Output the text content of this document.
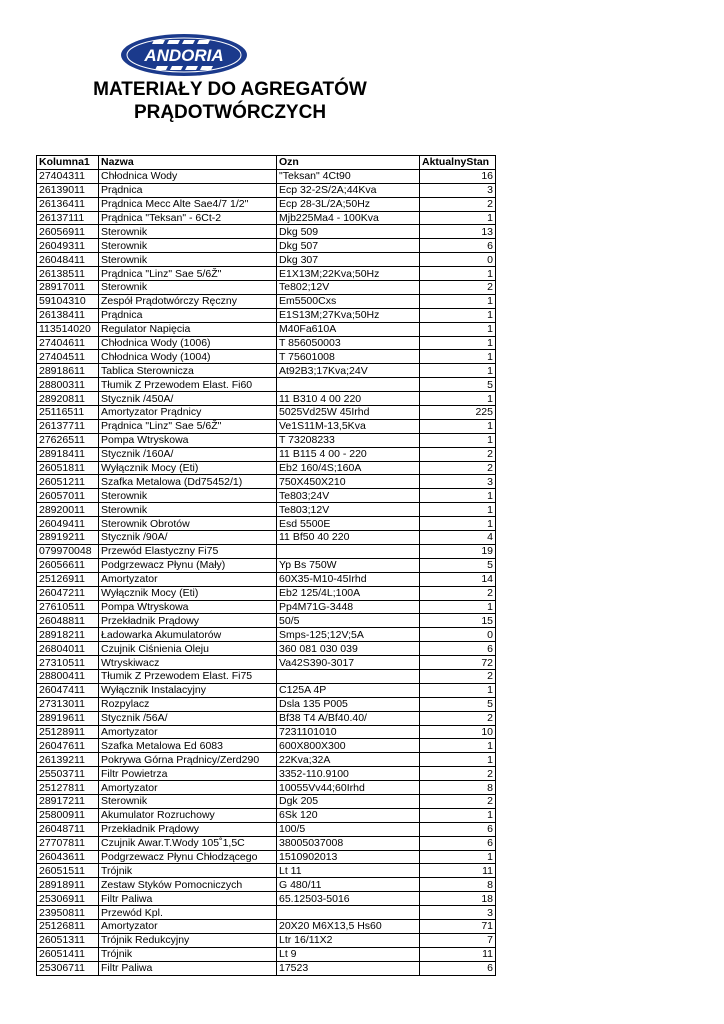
ANDORIA
MATERIAŁY DO AGREGATÓW
PRĄDOTWÓRCZYCH
Kolumna1	Nazwa	Ozn	AktualnyStan
27404311	Chłodnica Wody	"Teksan" 4Ct90	16
26139011	Prądnica	Ecp 32-2S/2A;44Kva	3
26136411	Prądnica Mecc Alte Sae4/7 1/2"	Ecp 28-3L/2A;50Hz	2
26137111	Prądnica "Teksan" - 6Ct-2	Mjb225Ma4 - 100Kva	1
26056911	Sterownik	Dkg 509	13
26049311	Sterownik	Dkg 507	6
26048411	Sterownik	Dkg 307	0
26138511	Prądnica "Linz" Sae 5/6Ž"	E1X13M;22Kva;50Hz	1
28917011	Sterownik	Te802;12V	2
59104310	Zespół Prądotwórczy Ręczny	Em5500Cxs	1
26138411	Prądnica	E1S13M;27Kva;50Hz	1
113514020	Regulator Napięcia	M40Fa610A	1
27404611	Chłodnica Wody (1006)	T 856050003	1
27404511	Chłodnica Wody (1004)	T 75601008	1
28918611	Tablica Sterownicza	At92B3;17Kva;24V	1
28800311	Tłumik Z Przewodem Elast. Fi60		5
28920811	Stycznik /450A/	11 B310 4 00 220	1
25116511	Amortyzator Prądnicy	5025Vd25W 45Irhd	225
26137711	Prądnica "Linz" Sae 5/6Ž"	Ve1S11M-13,5Kva	1
27626511	Pompa Wtryskowa	T 73208233	1
28918411	Stycznik /160A/	11 B115 4 00 - 220	2
26051811	Wyłącznik Mocy (Eti)	Eb2 160/4S;160A	2
26051211	Szafka Metalowa (Dd75452/1)	750X450X210	3
26057011	Sterownik	Te803;24V	1
28920011	Sterownik	Te803;12V	1
26049411	Sterownik Obrotów	Esd 5500E	1
28919211	Stycznik /90A/	11 Bf50 40 220	4
079970048	Przewód Elastyczny Fi75		19
26056611	Podgrzewacz Płynu (Mały)	Yp Bs 750W	5
25126911	Amortyzator	60X35-M10-45Irhd	14
26047211	Wyłącznik Mocy (Eti)	Eb2 125/4L;100A	2
27610511	Pompa Wtryskowa	Pp4M71G-3448	1
26048811	Przekładnik Prądowy	50/5	15
28918211	Ładowarka Akumulatorów	Smps-125;12V;5A	0
26804011	Czujnik Ciśnienia Oleju	360 081 030 039	6
27310511	Wtryskiwacz	Va42S390-3017	72
28800411	Tłumik Z Przewodem Elast. Fi75		2
26047411	Wyłącznik Instalacyjny	C125A 4P	1
27313011	Rozpylacz	Dsla 135 P005	5
28919611	Stycznik /56A/	Bf38 T4 A/Bf40.40/	2
25128911	Amortyzator	7231101010	10
26047611	Szafka Metalowa Ed 6083	600X800X300	1
26139211	Pokrywa Górna Prądnicy/Zerd290	22Kva;32A	1
25503711	Filtr Powietrza	3352-110.9100	2
25127811	Amortyzator	10055Vv44;60Irhd	8
28917211	Sterownik	Dgk 205	2
25800911	Akumulator Rozruchowy	6Sk 120	1
26048711	Przekładnik Prądowy	100/5	6
27707811	Czujnik Awar.T.Wody 105˚1,5C	38005037008	6
26043611	Podgrzewacz Płynu Chłodzącego	1510902013	1
26051511	Trójnik	Lt 11	11
28918911	Zestaw Styków Pomocniczych	G 480/11	8
25306911	Filtr Paliwa	65.12503-5016	18
23950811	Przewód Kpl.		3
25126811	Amortyzator	20X20 M6X13,5 Hs60	71
26051311	Trójnik Redukcyjny	Ltr 16/11X2	7
26051411	Trójnik	Lt 9	11
25306711	Filtr Paliwa	17523	6
